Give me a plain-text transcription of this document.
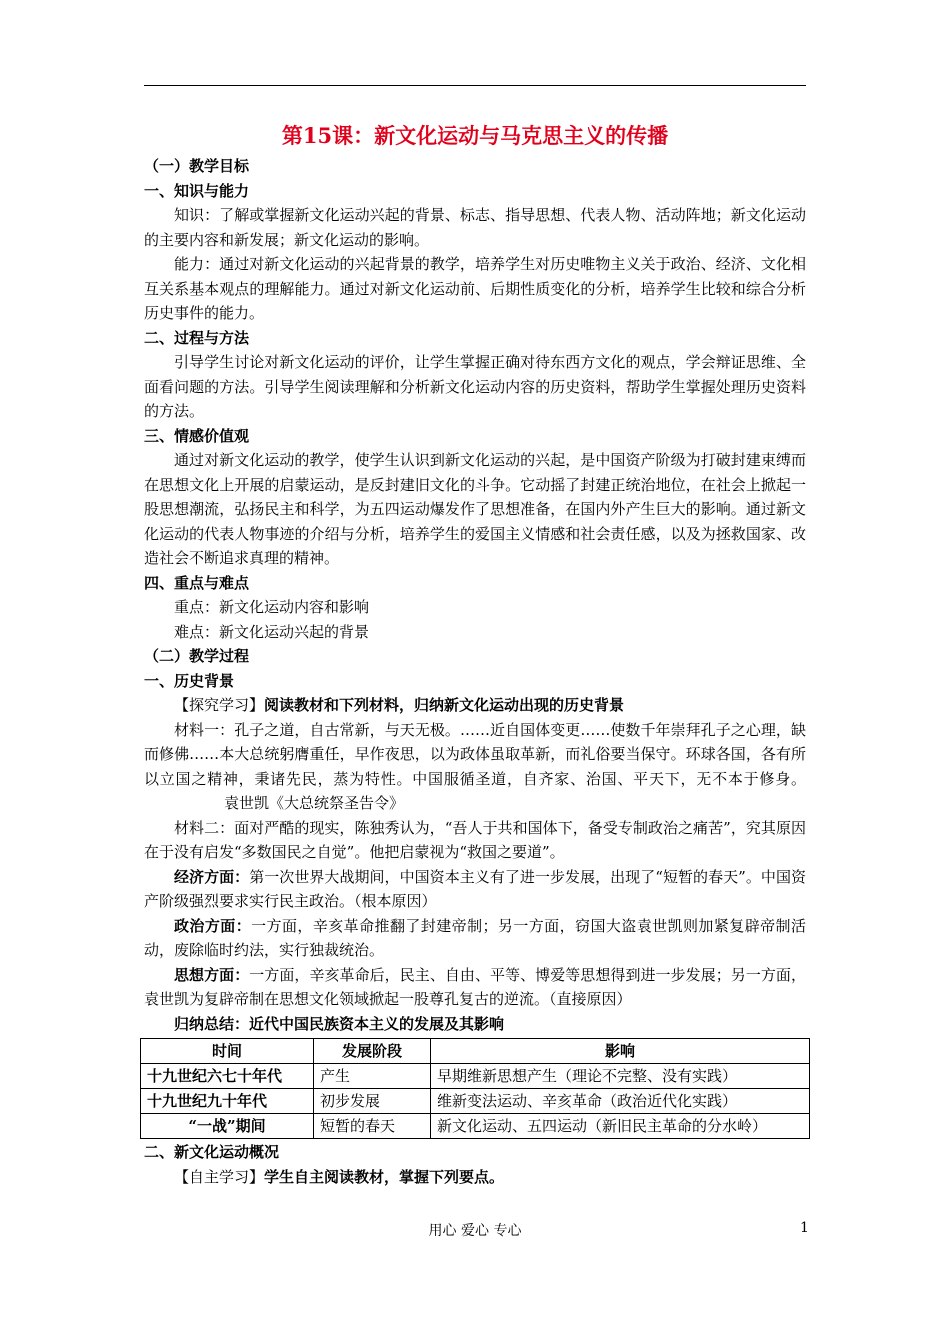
第15课：新文化运动与马克思主义的传播
（一）教学目标
一、知识与能力

知识：了解或掌握新文化运动兴起的背景、标志、指导思想、代表人物、活动阵地；新文化运动的主要内容和新发展；新文化运动的影响。

能力：通过对新文化运动的兴起背景的教学，培养学生对历史唯物主义关于政治、经济、文化相互关系基本观点的理解能力。通过对新文化运动前、后期性质变化的分析，培养学生比较和综合分析历史事件的能力。

二、过程与方法

引导学生讨论对新文化运动的评价，让学生掌握正确对待东西方文化的观点，学会辩证思维、全面看问题的方法。引导学生阅读理解和分析新文化运动内容的历史资料，帮助学生掌握处理历史资料的方法。

三、情感价值观

通过对新文化运动的教学，使学生认识到新文化运动的兴起，是中国资产阶级为打破封建束缚而在思想文化上开展的启蒙运动，是反封建旧文化的斗争。它动摇了封建正统治地位，在社会上掀起一股思想潮流，弘扬民主和科学，为五四运动爆发作了思想准备，在国内外产生巨大的影响。通过新文化运动的代表人物事迹的介绍与分析，培养学生的爱国主义情感和社会责任感，以及为拯救国家、改造社会不断追求真理的精神。

四、重点与难点

重点：新文化运动内容和影响

难点：新文化运动兴起的背景

（二）教学过程
一、历史背景

【探究学习】阅读教材和下列材料，归纳新文化运动出现的历史背景

材料一：孔子之道，自古常新，与天无极。……近自国体变更……使数千年崇拜孔子之心理，缺而修佛……本大总统躬膺重任，早作夜思，以为政体虽取革新，而礼俗要当保守。环球各国，各有所以立国之精神，秉诸先民，蒸为特性。中国服循圣道，自齐家、治国、平天下，无不本于修身。袁世凯《大总统祭圣告令》

材料二：面对严酷的现实，陈独秀认为，“吾人于共和国体下，备受专制政治之痛苦”，究其原因在于没有启发“多数国民之自觉”。他把启蒙视为“救国之要道”。

经济方面：第一次世界大战期间，中国资本主义有了进一步发展，出现了“短暂的春天”。中国资产阶级强烈要求实行民主政治。（根本原因）

政治方面：一方面，辛亥革命推翻了封建帝制；另一方面，窃国大盗袁世凯则加紧复辟帝制活动，废除临时约法，实行独裁统治。

思想方面：一方面，辛亥革命后，民主、自由、平等、博爱等思想得到进一步发展；另一方面，袁世凯为复辟帝制在思想文化领域掀起一股尊孔复古的逆流。（直接原因）

归纳总结：近代中国民族资本主义的发展及其影响
时间	发展阶段	影响
十九世纪六七十年代	产生	早期维新思想产生（理论不完整、没有实践）
十九世纪九十年代	初步发展	维新变法运动、辛亥革命（政治近代化实践）
“一战”期间	短暂的春天	新文化运动、五四运动（新旧民主革命的分水岭）
二、新文化运动概况

【自主学习】学生自主阅读教材，掌握下列要点。

用心 爱心 专心	1
